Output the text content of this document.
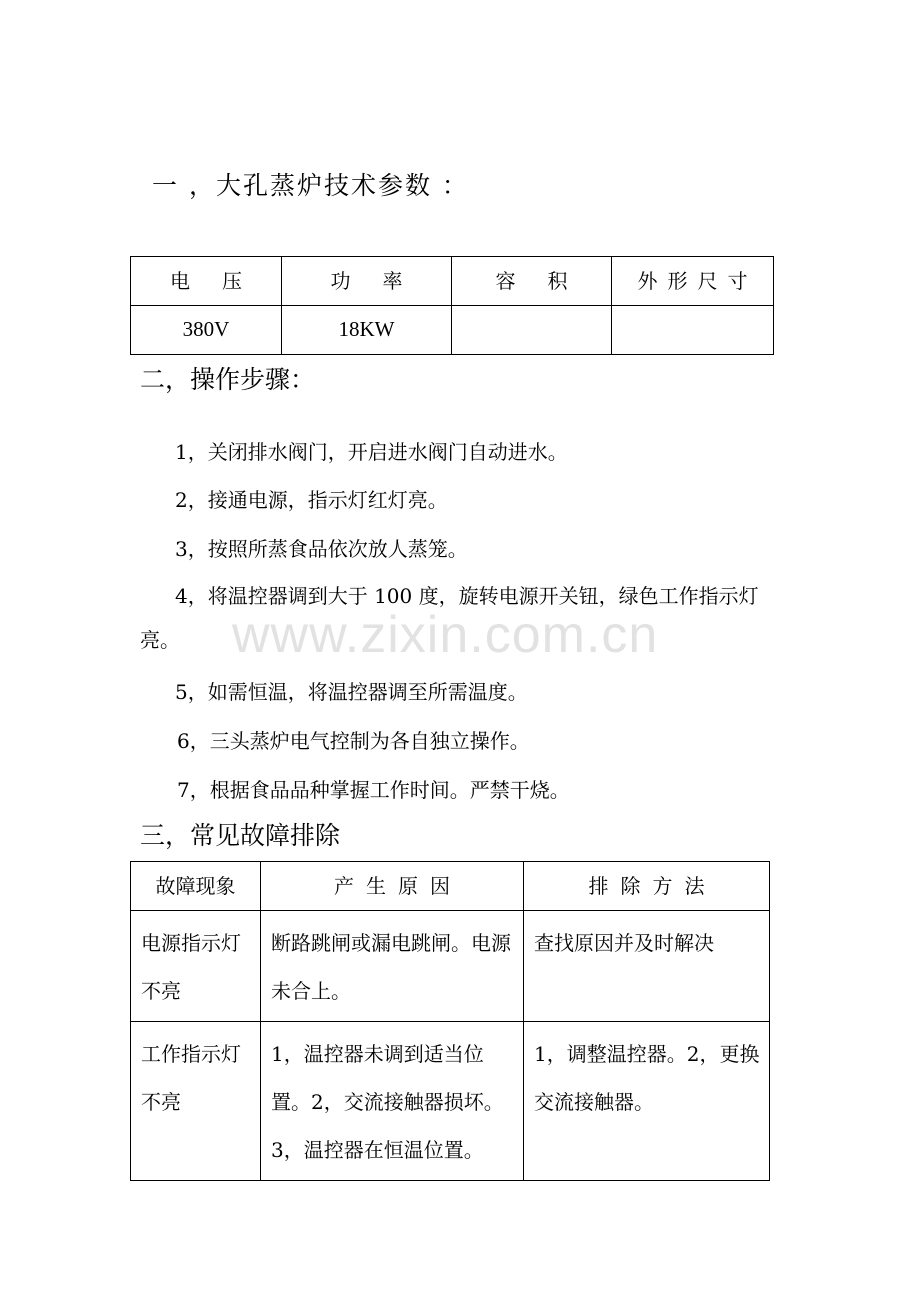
一 ，大孔蒸炉技术参数 ：
电压	功率	容积	外形尺寸
380V	18KW		
二，操作步骤：

1，关闭排水阀门，开启进水阀门自动进水。

2，接通电源，指示灯红灯亮。

3，按照所蒸食品依次放人蒸笼。

4，将温控器调到大于 100 度，旋转电源开关钮，绿色工作指示灯亮。

5，如需恒温，将温控器调至所需温度。

6，三头蒸炉电气控制为各自独立操作。

7，根据食品品种掌握工作时间。严禁干烧。

www.zixin.com.cn
三，常见故障排除
故障现象	产生原因	排除方法
电源指示灯不亮	断路跳闸或漏电跳闸。电源未合上。	查找原因并及时解决
工作指示灯不亮	1，温控器未调到适当位置。2，交流接触器损坏。3，温控器在恒温位置。	1，调整温控器。2，更换交流接触器。
